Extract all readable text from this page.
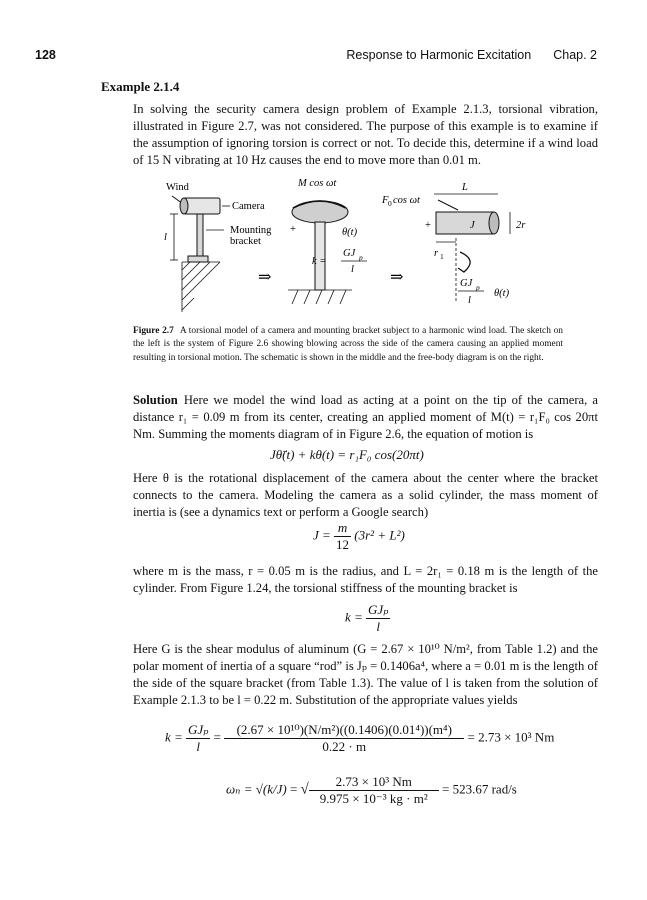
128	Response to Harmonic Excitation Chap. 2
Example 2.1.4
In solving the security camera design problem of Example 2.1.3, torsional vibration, illustrated in Figure 2.7, was not considered. The purpose of this example is to examine if the assumption of ignoring torsion is correct or not. To decide this, determine if a wind load of 15 N vibrating at 10 Hz causes the end to move more than 0.01 m.
Wind
Camera
Mounting
bracket
l
⇒
M cos ωt
+	θ(t)
k =
GJ p
l ⇒
F 0 cos ωt
L
J
+	2r
r 1
GJ p
l
θ(t)
Figure 2.7 A torsional model of a camera and mounting bracket subject to a harmonic wind load. The sketch on the left is the system of Figure 2.6 showing blowing across the side of the camera causing an applied moment resulting in torsional motion. The schematic is shown in the middle and the free-body diagram is on the right.
Solution Here we model the wind load as acting at a point on the tip of the camera, a distance r₁ = 0.09 m from its center, creating an applied moment of M(t) = r₁F₀ cos 20πt Nm. Summing the moments diagram of in Figure 2.6, the equation of motion is
Jθ̈(t) + kθ(t) = r₁F₀ cos(20πt)
Here θ is the rotational displacement of the camera about the center where the bracket connects to the camera. Modeling the camera as a solid cylinder, the mass moment of inertia is (see a dynamics text or perform a Google search)
$J = \frac{m}{12} (3r^2 + L^2)$
where m is the mass, r = 0.05 m is the radius, and L = 2r₁ = 0.18 m is the length of the cylinder. From Figure 1.24, the torsional stiffness of the mounting bracket is
$k = \frac{\text{GJₚ}}{l}$
Here G is the shear modulus of aluminum (G = 2.67 × 10¹⁰ N/m², from Table 1.2) and the polar moment of inertia of a square “rod” is Jₚ = 0.1406a⁴, where a = 0.01 m is the length of the side of the square bracket (from Table 1.3). The value of l is taken from the solution of Example 2.1.3 to be l = 0.22 m. Substitution of the appropriate values yields
$k = \frac{\text{GJₚ}}{l} = \frac{\text{(2.67 × 10¹⁰)(N/m²)((0.1406)(0.01⁴))(m⁴)}}{0.22 \cdot m} = 2.73 \times 10^3$ Nm
ωₙ = √(k/J) = √ $\frac{\text{2.73 × 10³ Nm}}{\text{9.975 × 10⁻³ kg · m²}} = 523.67$ rad/s
